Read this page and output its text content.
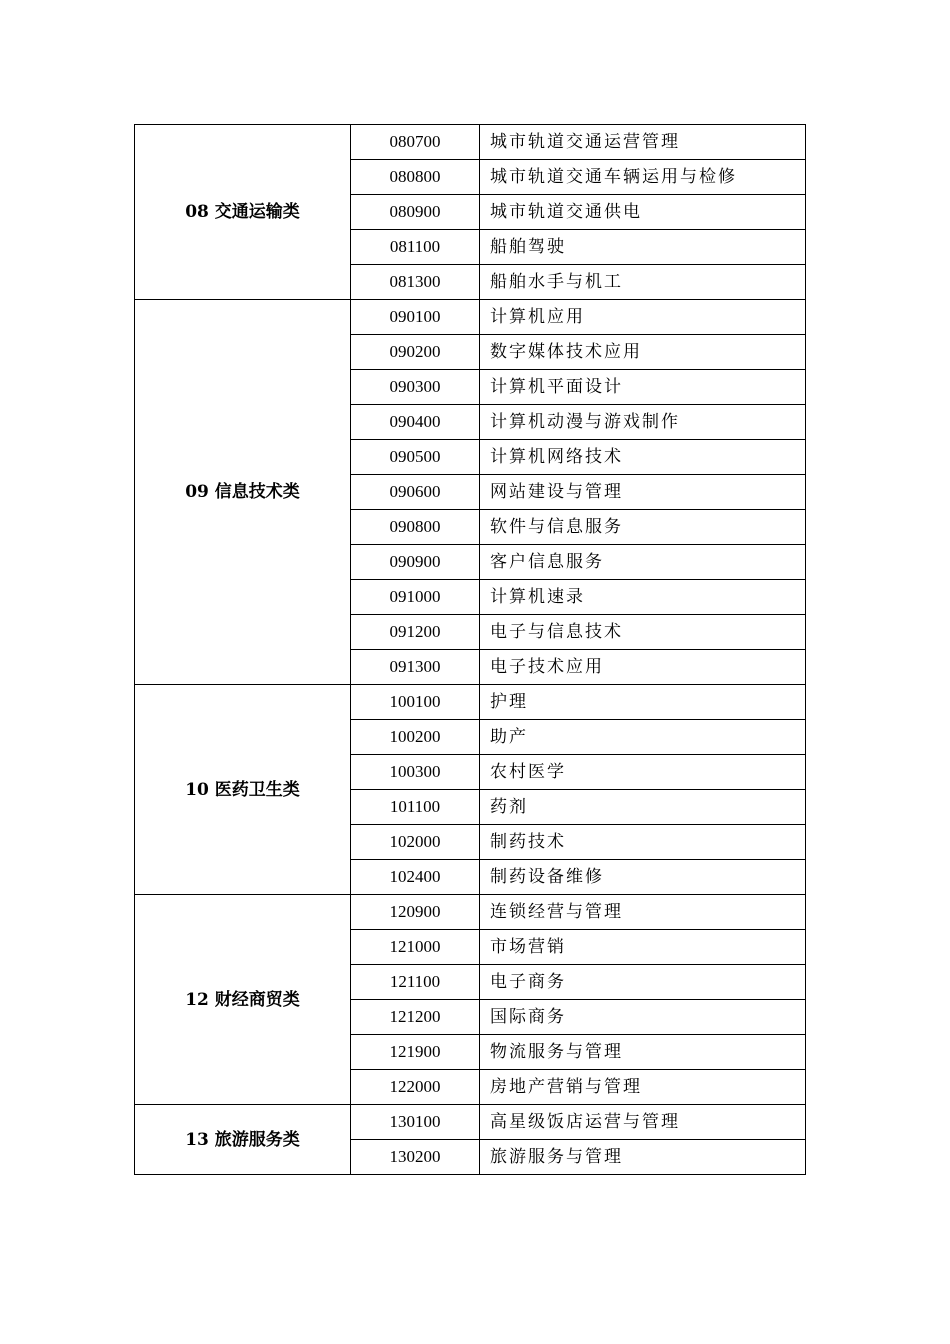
08 交通运输类	080700	城市轨道交通运营管理
	080800	城市轨道交通车辆运用与检修
	080900	城市轨道交通供电
	081100	船舶驾驶
	081300	船舶水手与机工
09 信息技术类	090100	计算机应用
	090200	数字媒体技术应用
	090300	计算机平面设计
	090400	计算机动漫与游戏制作
	090500	计算机网络技术
	090600	网站建设与管理
	090800	软件与信息服务
	090900	客户信息服务
	091000	计算机速录
	091200	电子与信息技术
	091300	电子技术应用
10 医药卫生类	100100	护理
	100200	助产
	100300	农村医学
	101100	药剂
	102000	制药技术
	102400	制药设备维修
12 财经商贸类	120900	连锁经营与管理
	121000	市场营销
	121100	电子商务
	121200	国际商务
	121900	物流服务与管理
	122000	房地产营销与管理
13 旅游服务类	130100	高星级饭店运营与管理
	130200	旅游服务与管理
